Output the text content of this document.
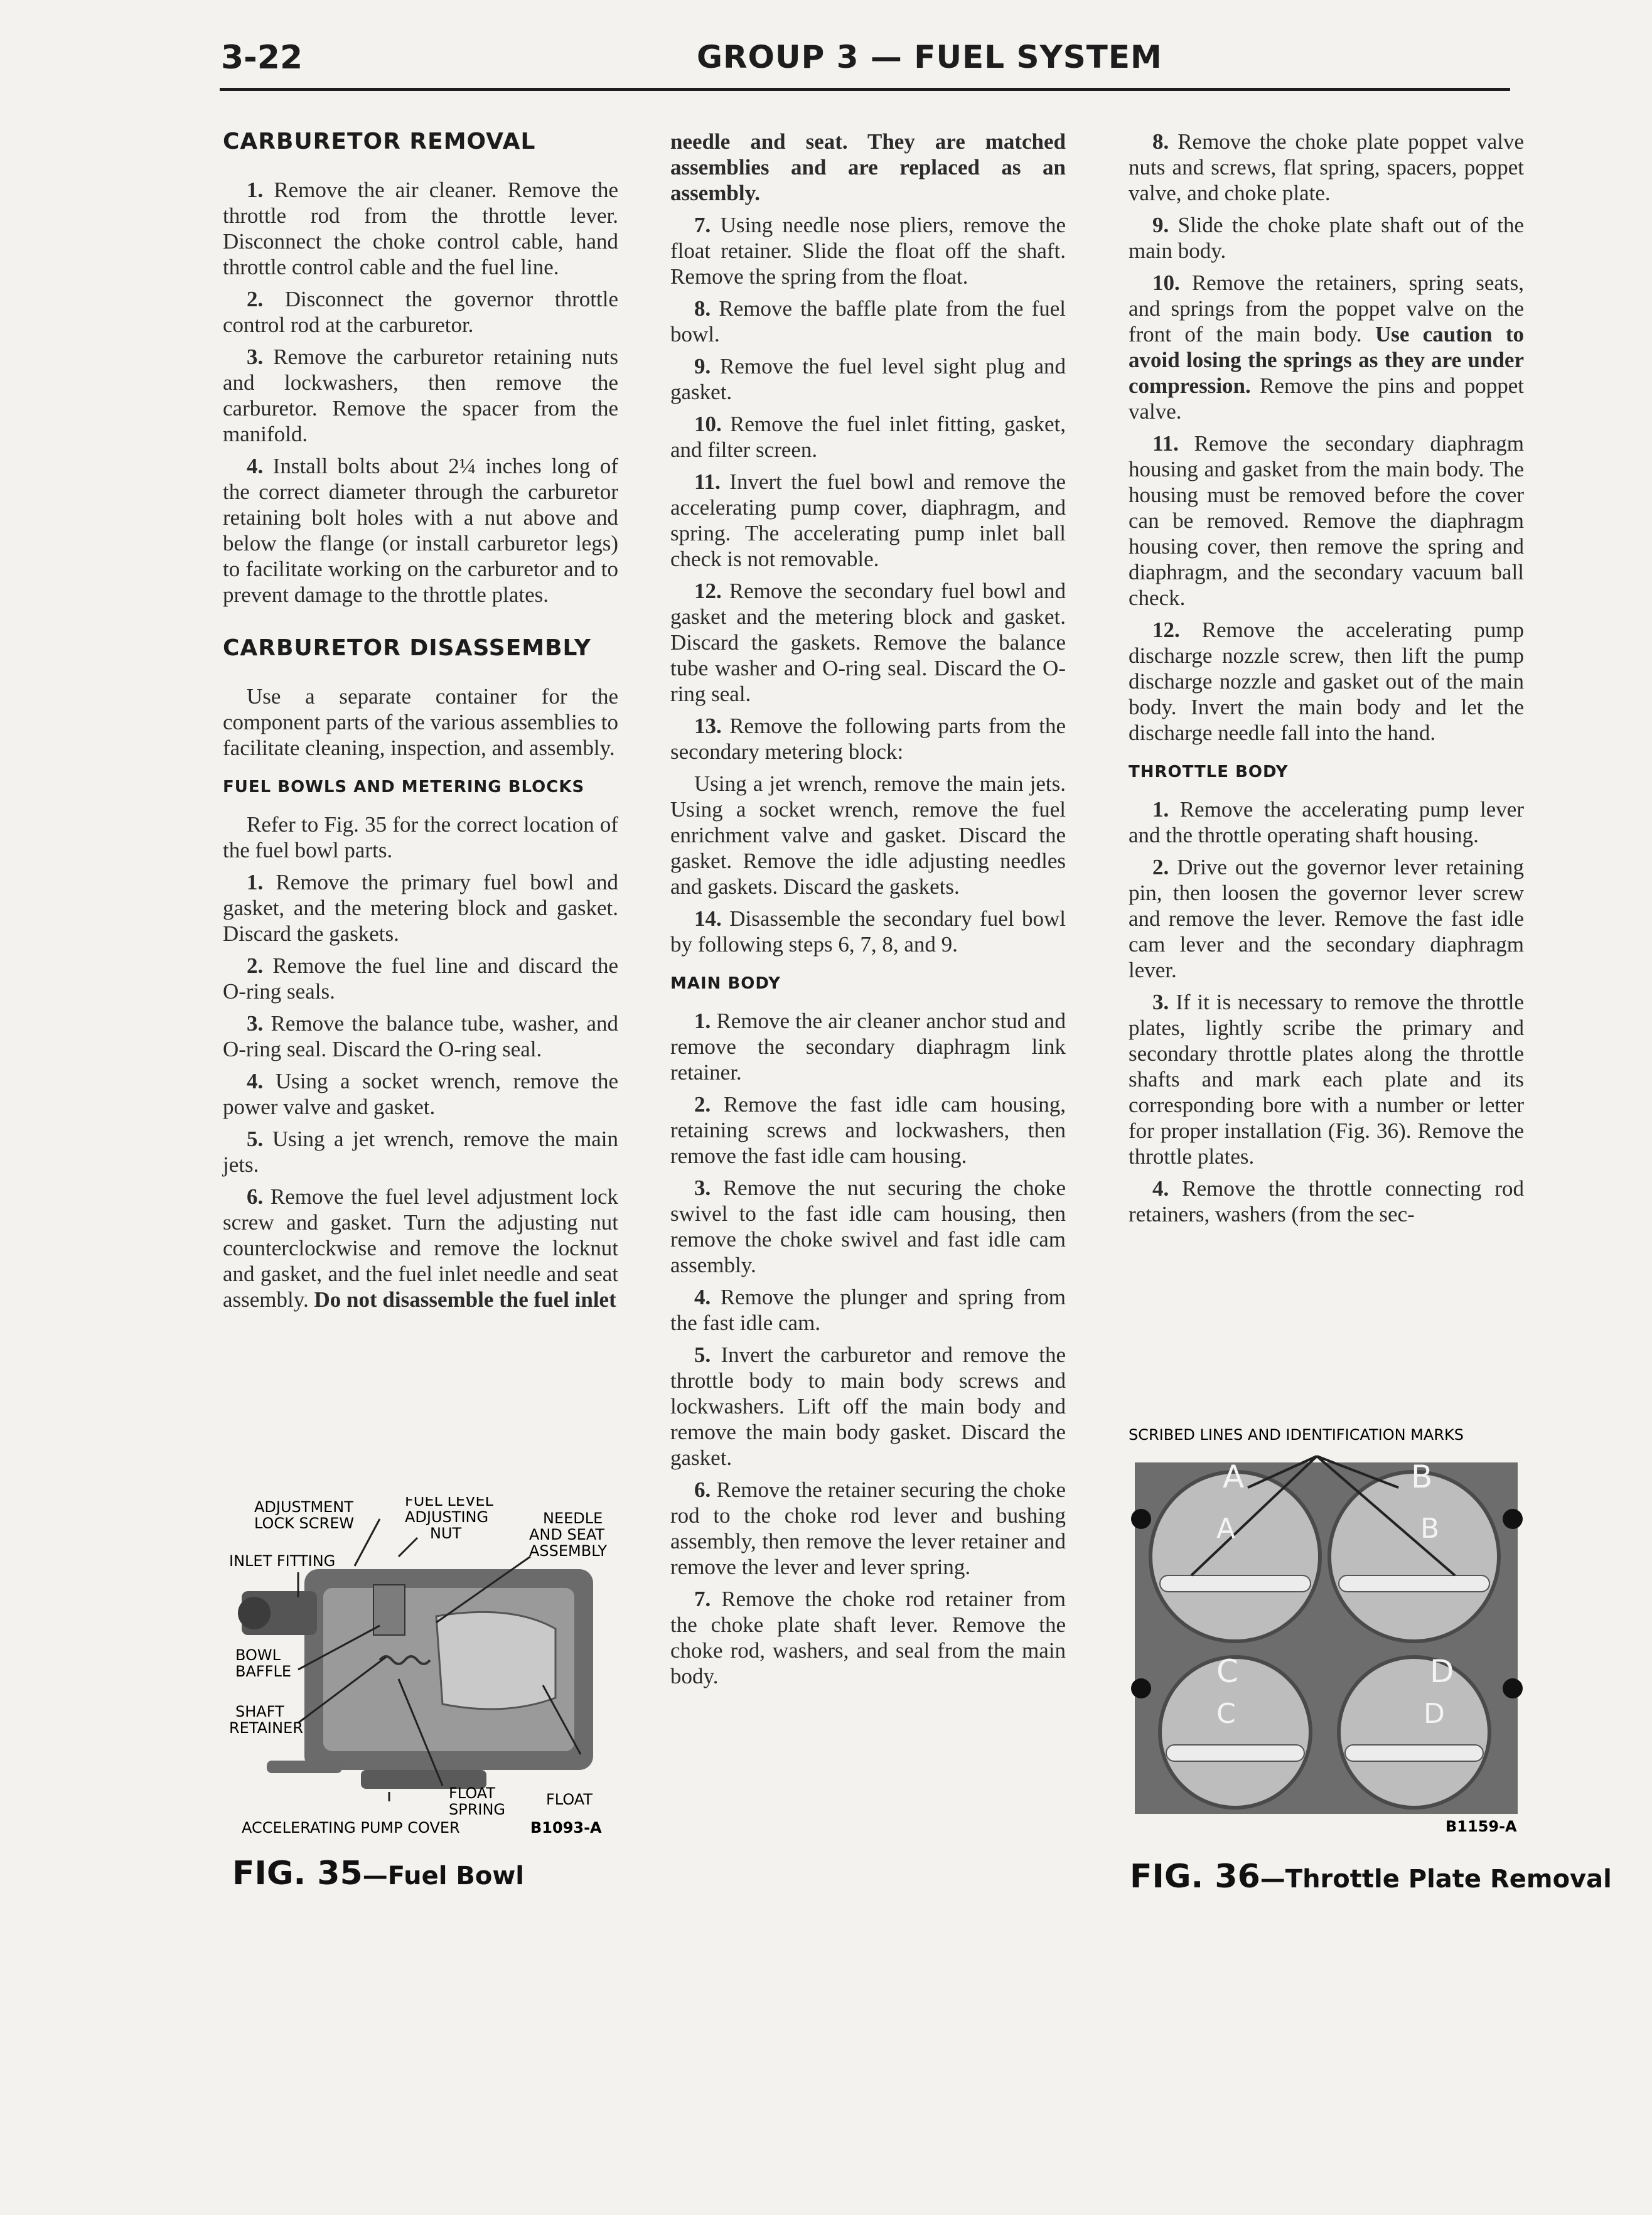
3-22	GROUP 3 — FUEL SYSTEM
CARBURETOR REMOVAL

1. Remove the air cleaner. Remove the throttle rod from the throttle lever. Disconnect the choke control cable, hand throttle control cable and the fuel line.

2. Disconnect the governor throttle control rod at the carburetor.

3. Remove the carburetor retaining nuts and lockwashers, then remove the carburetor. Remove the spacer from the manifold.

4. Install bolts about 2¼ inches long of the correct diameter through the carburetor retaining bolt holes with a nut above and below the flange (or install carburetor legs) to facilitate working on the carburetor and to prevent damage to the throttle plates.

CARBURETOR DISASSEMBLY

Use a separate container for the component parts of the various assemblies to facilitate cleaning, inspection, and assembly.

FUEL BOWLS AND METERING BLOCKS

Refer to Fig. 35 for the correct location of the fuel bowl parts.

1. Remove the primary fuel bowl and gasket, and the metering block and gasket. Discard the gaskets.

2. Remove the fuel line and discard the O-ring seals.

3. Remove the balance tube, washer, and O-ring seal. Discard the O-ring seal.

4. Using a socket wrench, remove the power valve and gasket.

5. Using a jet wrench, remove the main jets.

6. Remove the fuel level adjustment lock screw and gasket. Turn the adjusting nut counterclockwise and remove the locknut and gasket, and the fuel inlet needle and seat assembly. Do not disassemble the fuel inlet

ADJUSTMENT
LOCK SCREW
FUEL LEVEL
ADJUSTING
NUT
NEEDLE
AND SEAT
ASSEMBLY
INLET FITTING
BOWL
BAFFLE
SHAFT
RETAINER
FLOAT
SPRING
FLOAT
ACCELERATING PUMP COVER	B1093-A
FIG. 35—Fuel Bowl

needle and seat. They are matched assemblies and are replaced as an assembly.

7. Using needle nose pliers, remove the float retainer. Slide the float off the shaft. Remove the spring from the float.

8. Remove the baffle plate from the fuel bowl.

9. Remove the fuel level sight plug and gasket.

10. Remove the fuel inlet fitting, gasket, and filter screen.

11. Invert the fuel bowl and remove the accelerating pump cover, diaphragm, and spring. The accelerating pump inlet ball check is not removable.

12. Remove the secondary fuel bowl and gasket and the metering block and gasket. Discard the gaskets. Remove the balance tube washer and O-ring seal. Discard the O-ring seal.

13. Remove the following parts from the secondary metering block:

Using a jet wrench, remove the main jets. Using a socket wrench, remove the fuel enrichment valve and gasket. Discard the gasket. Remove the idle adjusting needles and gaskets. Discard the gaskets.

14. Disassemble the secondary fuel bowl by following steps 6, 7, 8, and 9.

MAIN BODY

1. Remove the air cleaner anchor stud and remove the secondary diaphragm link retainer.

2. Remove the fast idle cam housing, retaining screws and lockwashers, then remove the fast idle cam housing.

3. Remove the nut securing the choke swivel to the fast idle cam housing, then remove the choke swivel and fast idle cam assembly.

4. Remove the plunger and spring from the fast idle cam.

5. Invert the carburetor and remove the throttle body to main body screws and lockwashers. Lift off the main body and remove the main body gasket. Discard the gasket.

6. Remove the retainer securing the choke rod to the choke rod lever and bushing assembly, then remove the lever retainer and remove the lever and lever spring.

7. Remove the choke rod retainer from the choke plate shaft lever. Remove the choke rod, washers, and seal from the main body.

8. Remove the choke plate poppet valve nuts and screws, flat spring, spacers, poppet valve, and choke plate.

9. Slide the choke plate shaft out of the main body.

10. Remove the retainers, spring seats, and springs from the poppet valve on the front of the main body. Use caution to avoid losing the springs as they are under compression. Remove the pins and poppet valve.

11. Remove the secondary diaphragm housing and gasket from the main body. The housing must be removed before the cover can be removed. Remove the diaphragm housing cover, then remove the spring and diaphragm, and the secondary vacuum ball check.

12. Remove the accelerating pump discharge nozzle screw, then lift the pump discharge nozzle and gasket out of the main body. Invert the main body and let the discharge needle fall into the hand.

THROTTLE BODY

1. Remove the accelerating pump lever and the throttle operating shaft housing.

2. Drive out the governor lever retaining pin, then loosen the governor lever screw and remove the lever. Remove the fast idle cam lever and the secondary diaphragm lever.

3. If it is necessary to remove the throttle plates, lightly scribe the primary and secondary throttle plates along the throttle shafts and mark each plate and its corresponding bore with a number or letter for proper installation (Fig. 36). Remove the throttle plates.

4. Remove the throttle connecting rod retainers, washers (from the sec-

SCRIBED LINES AND IDENTIFICATION MARKS
A
A
B
B
C
C
D
D
B1159-A
FIG. 36—Throttle Plate Removal
